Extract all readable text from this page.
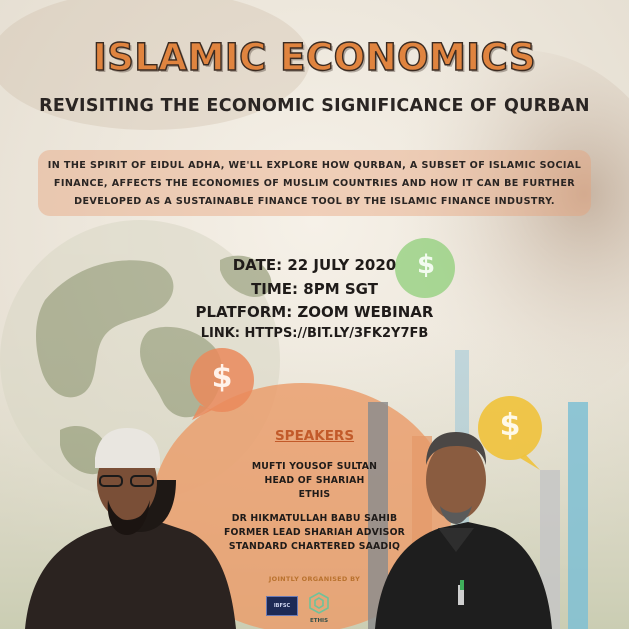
$
$
$
ISLAMIC ECONOMICS
REVISITING THE ECONOMIC SIGNIFICANCE OF QURBAN
IN THE SPIRIT OF EIDUL ADHA, WE'LL EXPLORE HOW QURBAN, A SUBSET OF ISLAMIC SOCIAL
FINANCE, AFFECTS THE ECONOMIES OF MUSLIM COUNTRIES AND HOW IT CAN BE FURTHER
DEVELOPED AS A SUSTAINABLE FINANCE TOOL BY THE ISLAMIC FINANCE INDUSTRY.
DATE: 22 JULY 2020
TIME: 8PM SGT
PLATFORM: ZOOM WEBINAR
LINK: HTTPS://BIT.LY/3FK2Y7FB
SPEAKERS
MUFTI YOUSOF SULTAN
HEAD OF SHARIAH
ETHIS
DR HIKMATULLAH BABU SAHIB
FORMER LEAD SHARIAH ADVISOR
STANDARD CHARTERED SAADIQ
JOINTLY ORGANISED BY
IBFSC
ETHIS
